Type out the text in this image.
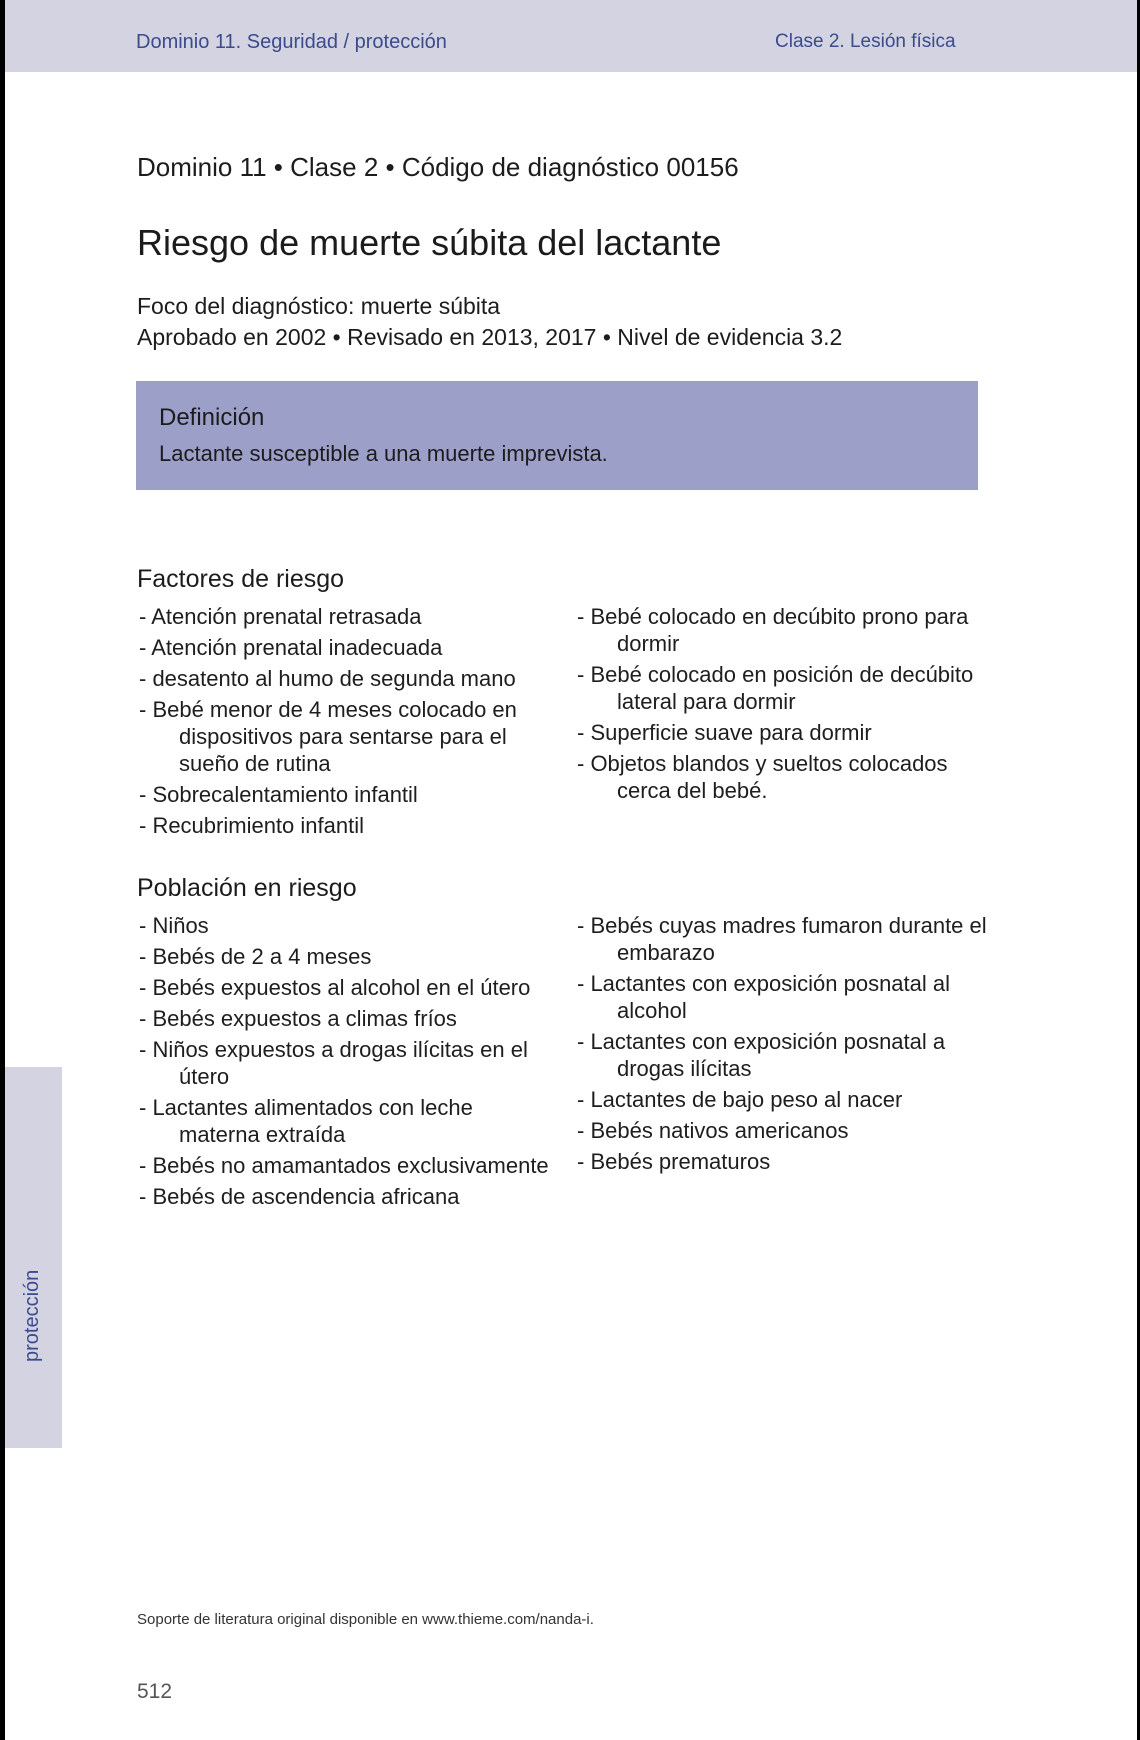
Dominio 11. Seguridad / protección	Clase 2. Lesión física
Dominio 11 • Clase 2 • Código de diagnóstico 00156
Riesgo de muerte súbita del lactante
Foco del diagnóstico: muerte súbita
Aprobado en 2002 • Revisado en 2013, 2017 • Nivel de evidencia 3.2
Definición
Lactante susceptible a una muerte imprevista.
Factores de riesgo
- Atención prenatal retrasada
- Atención prenatal inadecuada
- desatento al humo de segunda mano
- Bebé menor de 4 meses colocado en dispositivos para sentarse para el sueño de rutina
- Sobrecalentamiento infantil
- Recubrimiento infantil
- Bebé colocado en decúbito prono para dormir
- Bebé colocado en posición de decúbito lateral para dormir
- Superficie suave para dormir
- Objetos blandos y sueltos colocados cerca del bebé.
Población en riesgo
- Niños
- Bebés de 2 a 4 meses
- Bebés expuestos al alcohol en el útero
- Bebés expuestos a climas fríos
- Niños expuestos a drogas ilícitas en el útero
- Lactantes alimentados con leche materna extraída
- Bebés no amamantados exclusivamente
- Bebés de ascendencia africana
- Bebés cuyas madres fumaron durante el embarazo
- Lactantes con exposición posnatal al alcohol
- Lactantes con exposición posnatal a drogas ilícitas
- Lactantes de bajo peso al nacer
- Bebés nativos americanos
- Bebés prematuros
protección
Soporte de literatura original disponible en www.thieme.com/nanda-i.
512
